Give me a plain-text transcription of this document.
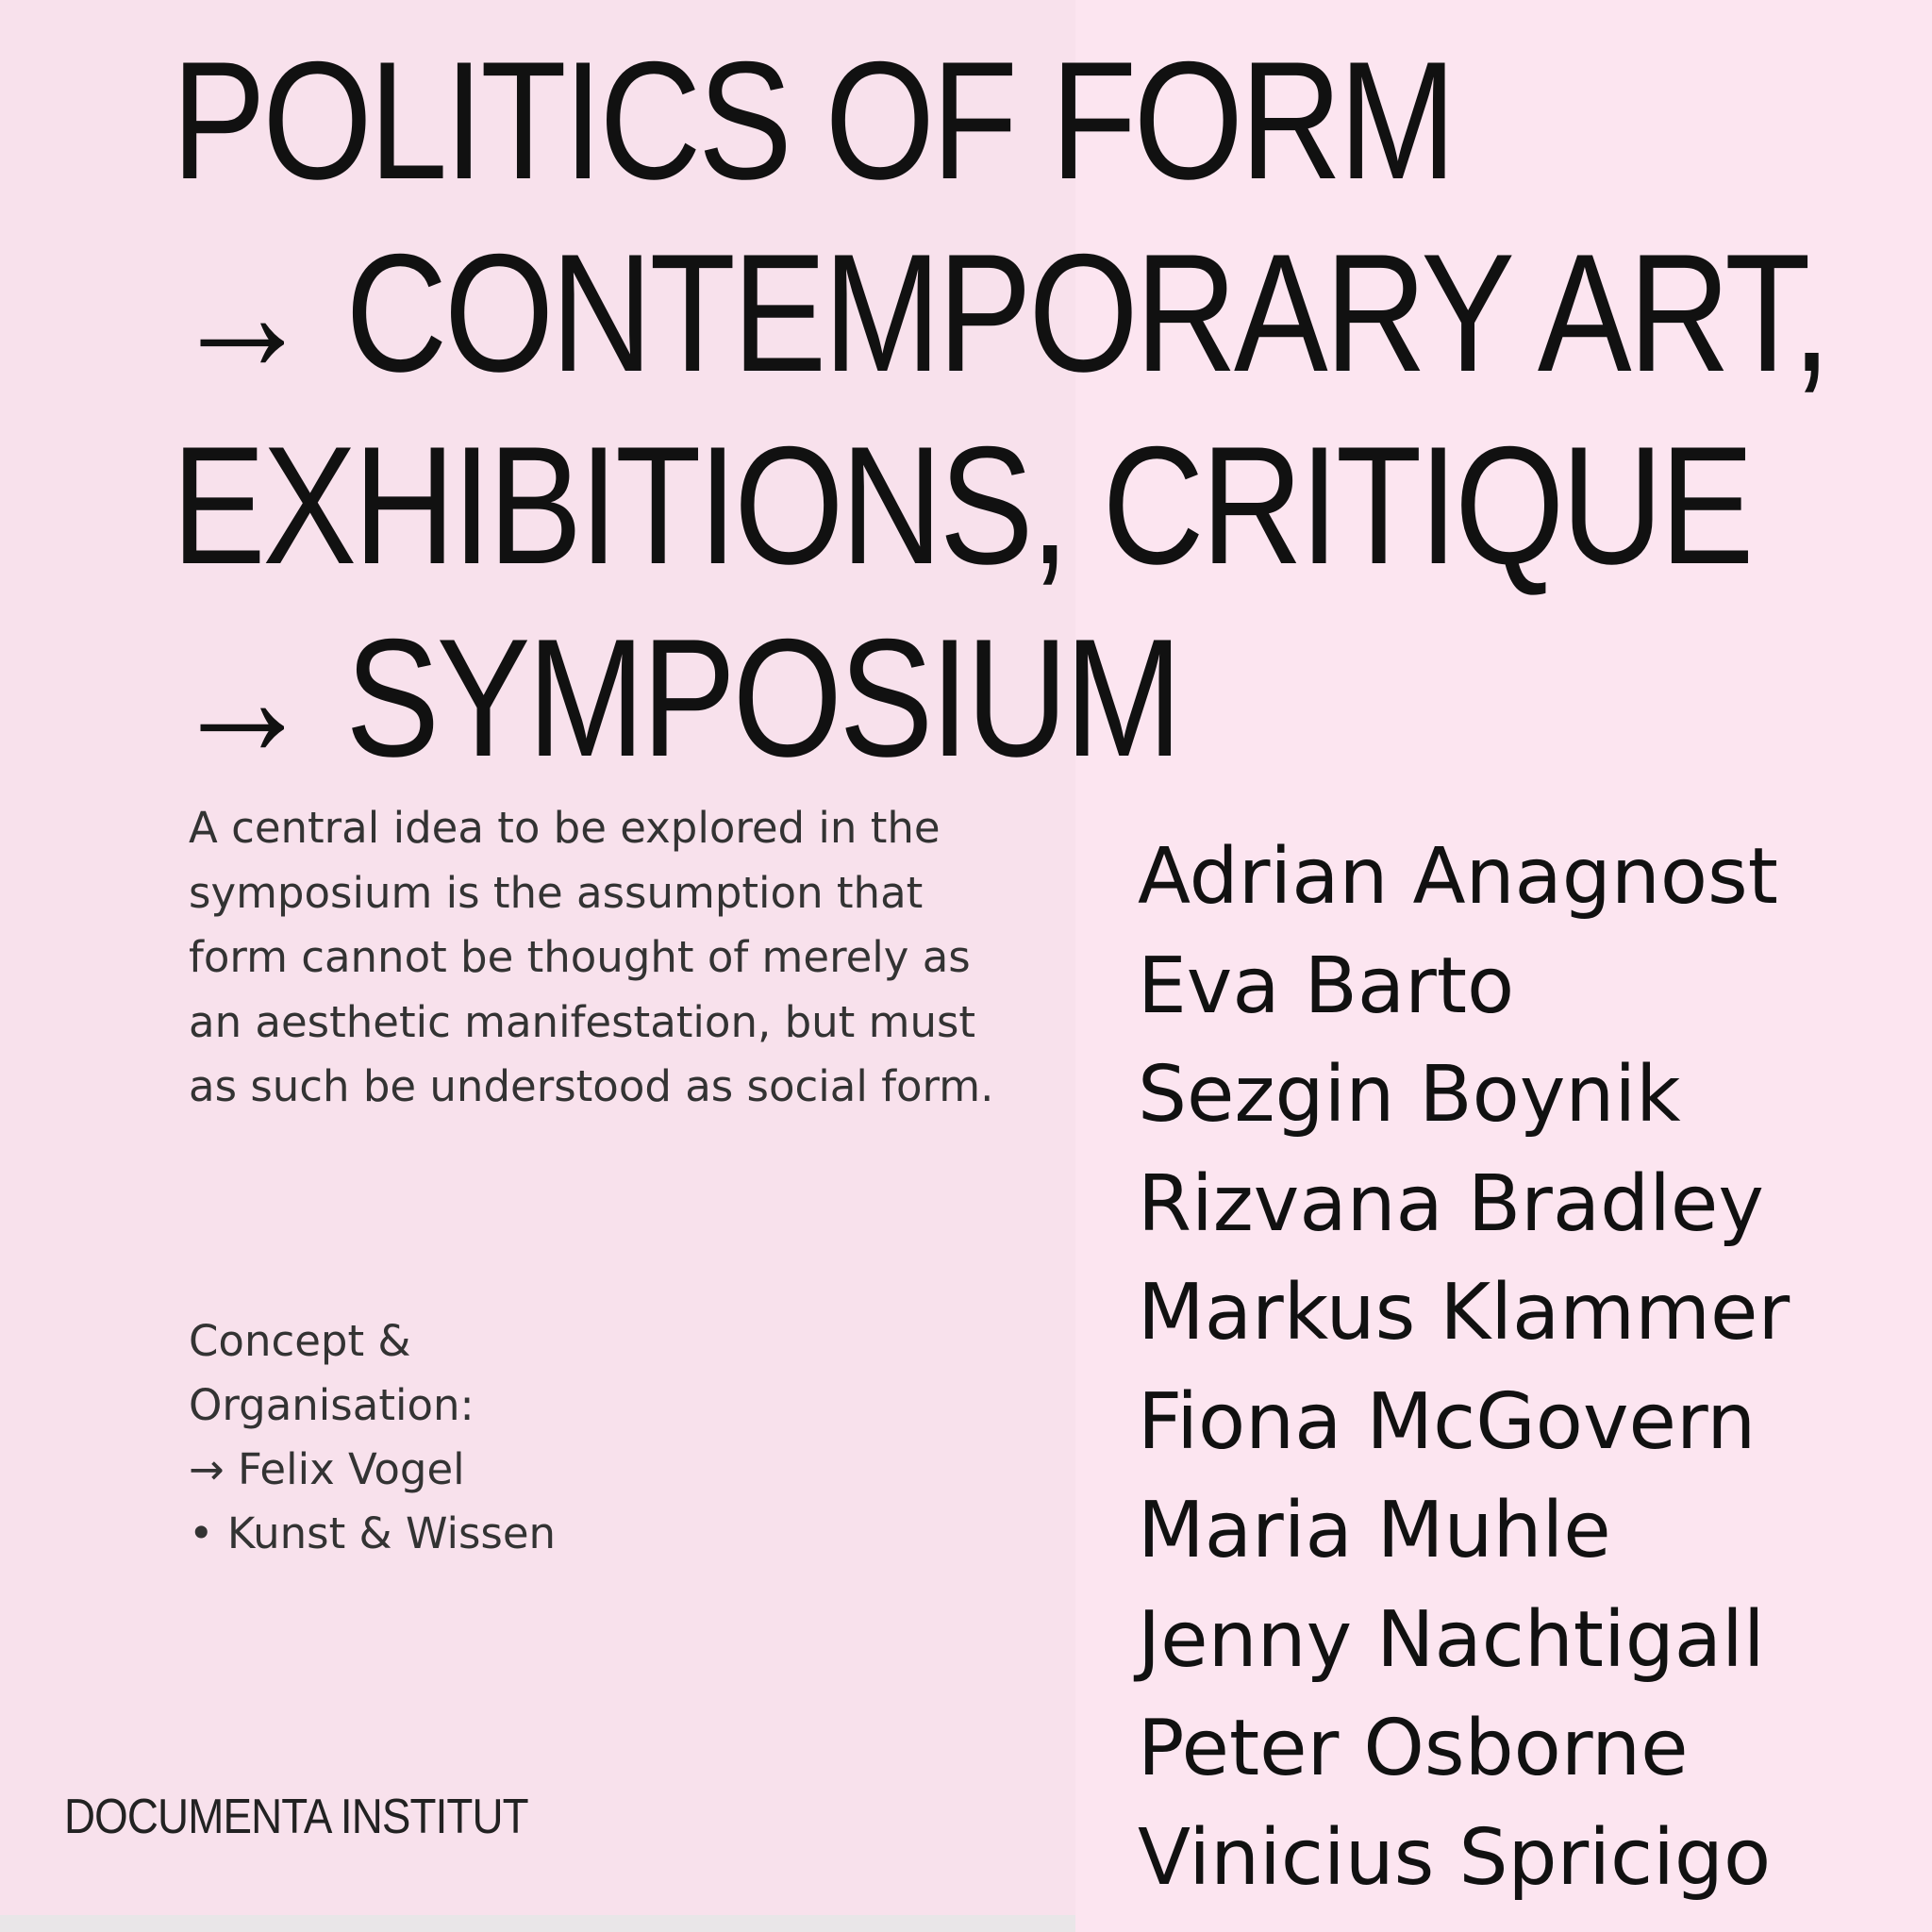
POLITICS OF FORM
→ CONTEMPORARY ART,
EXHIBITIONS, CRITIQUE
→ SYMPOSIUM

A central idea to be explored in the symposium is the assumption that form cannot be thought of merely as an aesthetic manifestation, but must as such be understood as social form.

Concept &
Organisation:
→ Felix Vogel
• Kunst & Wissen
DOCUMENTA INSTITUT
Adrian Anagnost
Eva Barto
Sezgin Boynik
Rizvana Bradley
Markus Klammer
Fiona McGovern
Maria Muhle
Jenny Nachtigall
Peter Osborne
Vinicius Spricigo
